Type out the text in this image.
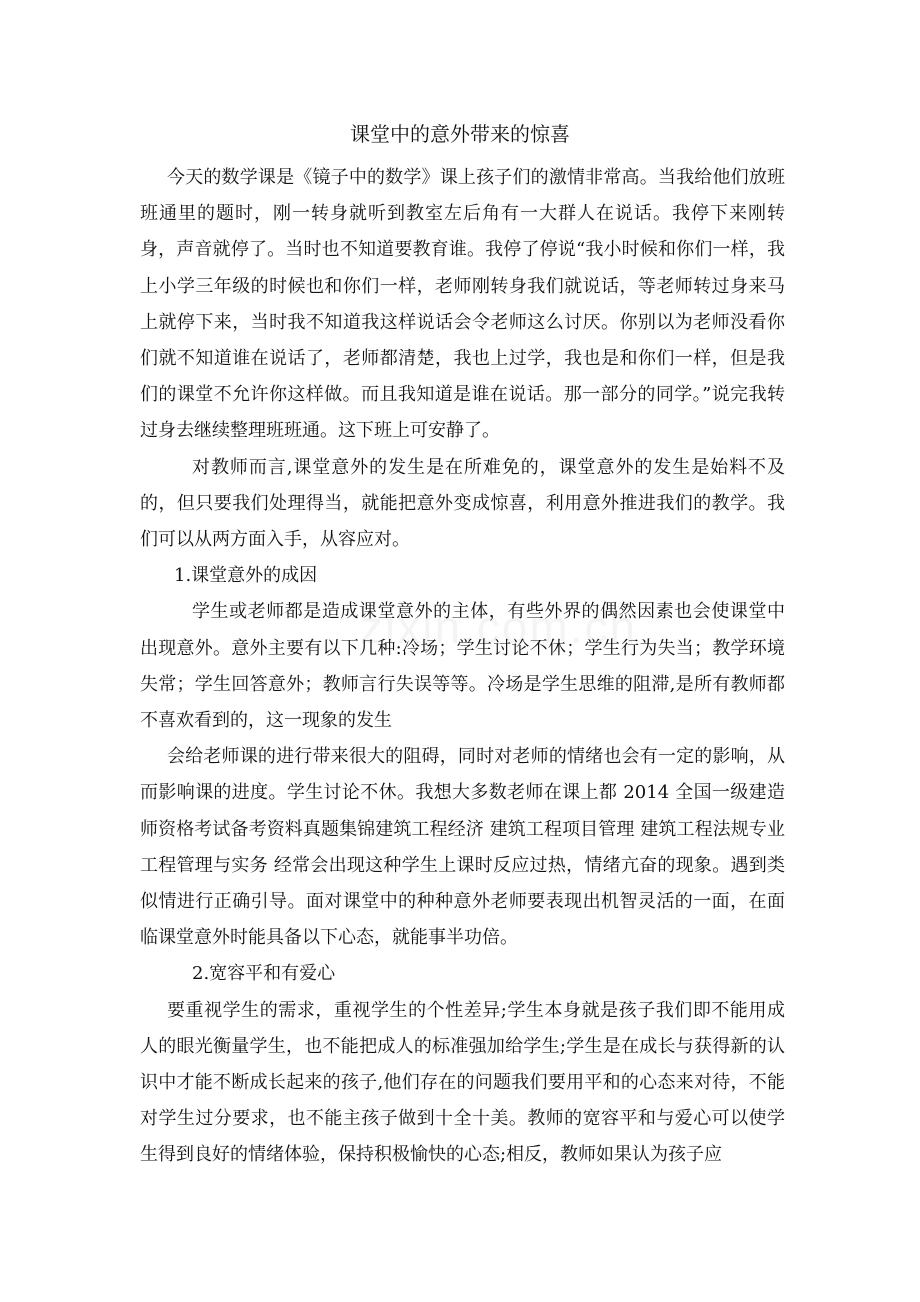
课堂中的意外带来的惊喜

今天的数学课是《镜子中的数学》课上孩子们的激情非常高。当我给他们放班班通里的题时，刚一转身就听到教室左后角有一大群人在说话。我停下来刚转身，声音就停了。当时也不知道要教育谁。我停了停说“我小时候和你们一样，我上小学三年级的时候也和你们一样，老师刚转身我们就说话，等老师转过身来马上就停下来，当时我不知道我这样说话会令老师这么讨厌。你别以为老师没看你们就不知道谁在说话了，老师都清楚，我也上过学，我也是和你们一样，但是我们的课堂不允许你这样做。而且我知道是谁在说话。那一部分的同学。”说完我转过身去继续整理班班通。这下班上可安静了。

对教师而言,课堂意外的发生是在所难免的，课堂意外的发生是始料不及的，但只要我们处理得当，就能把意外变成惊喜，利用意外推进我们的教学。我们可以从两方面入手，从容应对。

1.课堂意外的成因

学生或老师都是造成课堂意外的主体，有些外界的偶然因素也会使课堂中出现意外。意外主要有以下几种:冷场；学生讨论不休；学生行为失当；教学环境失常；学生回答意外；教师言行失误等等。冷场是学生思维的阻滞,是所有教师都不喜欢看到的，这一现象的发生

会给老师课的进行带来很大的阻碍，同时对老师的情绪也会有一定的影响，从而影响课的进度。学生讨论不休。我想大多数老师在课上都 2014 全国一级建造师资格考试备考资料真题集锦建筑工程经济 建筑工程项目管理 建筑工程法规专业工程管理与实务 经常会出现这种学生上课时反应过热，情绪亢奋的现象。遇到类似情进行正确引导。面对课堂中的种种意外老师要表现出机智灵活的一面，在面临课堂意外时能具备以下心态，就能事半功倍。

2.宽容平和有爱心

要重视学生的需求，重视学生的个性差异;学生本身就是孩子我们即不能用成人的眼光衡量学生，也不能把成人的标准强加给学生;学生是在成长与获得新的认识中才能不断成长起来的孩子,他们存在的问题我们要用平和的心态来对待，不能对学生过分要求，也不能主孩子做到十全十美。教师的宽容平和与爱心可以使学生得到良好的情绪体验，保持积极愉快的心态;相反，教师如果认为孩子应
